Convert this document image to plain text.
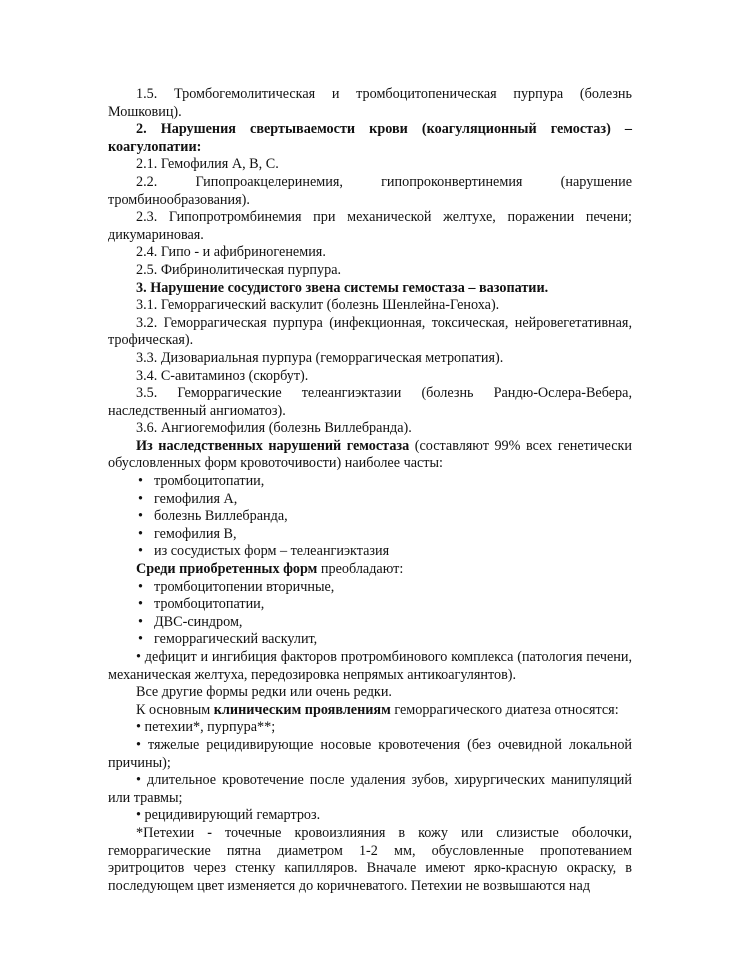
1.5. Тромбогемолитическая и тромбоцитопеническая пурпура (болезнь Мошковиц).

2. Нарушения свертываемости крови (коагуляционный гемостаз) – коагулопатии:

2.1. Гемофилия А, В, С.

2.2. Гипопроакцелеринемия, гипопроконвертинемия (нарушение тромбинообразования).

2.3. Гипопротромбинемия при механической желтухе, поражении печени; дикумариновая.

2.4. Гипо - и афибриногенемия.

2.5. Фибринолитическая пурпура.

3. Нарушение сосудистого звена системы гемостаза – вазопатии.

3.1. Геморрагический васкулит (болезнь Шенлейна-Геноха).

3.2. Геморрагическая пурпура (инфекционная, токсическая, нейровегетативная, трофическая).

3.3. Дизовариальная пурпура (геморрагическая метропатия).

3.4. С-авитаминоз (скорбут).

3.5. Геморрагические телеангиэктазии (болезнь Рандю-Ослера-Вебера, наследственный ангиоматоз).

3.6. Ангиогемофилия (болезнь Виллебранда).

Из наследственных нарушений гемостаза (составляют 99% всех генетически обусловленных форм кровоточивости) наиболее часты:

• тромбоцитопатии,
• гемофилия А,
• болезнь Виллебранда,
• гемофилия В,
• из сосудистых форм – телеангиэктазия

Среди приобретенных форм преобладают:

• тромбоцитопении вторичные,
• тромбоцитопатии,
• ДВС-синдром,
• геморрагический васкулит,

• дефицит и ингибиция факторов протромбинового комплекса (патология печени, механическая желтуха, передозировка непрямых антикоагулянтов).

Все другие формы редки или очень редки.

К основным клиническим проявлениям геморрагического диатеза относятся:

• петехии*, пурпура**;

• тяжелые рецидивирующие носовые кровотечения (без очевидной локальной причины);

• длительное кровотечение после удаления зубов, хирургических манипуляций или травмы;

• рецидивирующий гемартроз.

*Петехии - точечные кровоизлияния в кожу или слизистые оболочки, геморрагические пятна диаметром 1-2 мм, обусловленные пропотеванием эритроцитов через стенку капилляров. Вначале имеют ярко-красную окраску, в последующем цвет изменяется до коричневатого. Петехии не возвышаются над
